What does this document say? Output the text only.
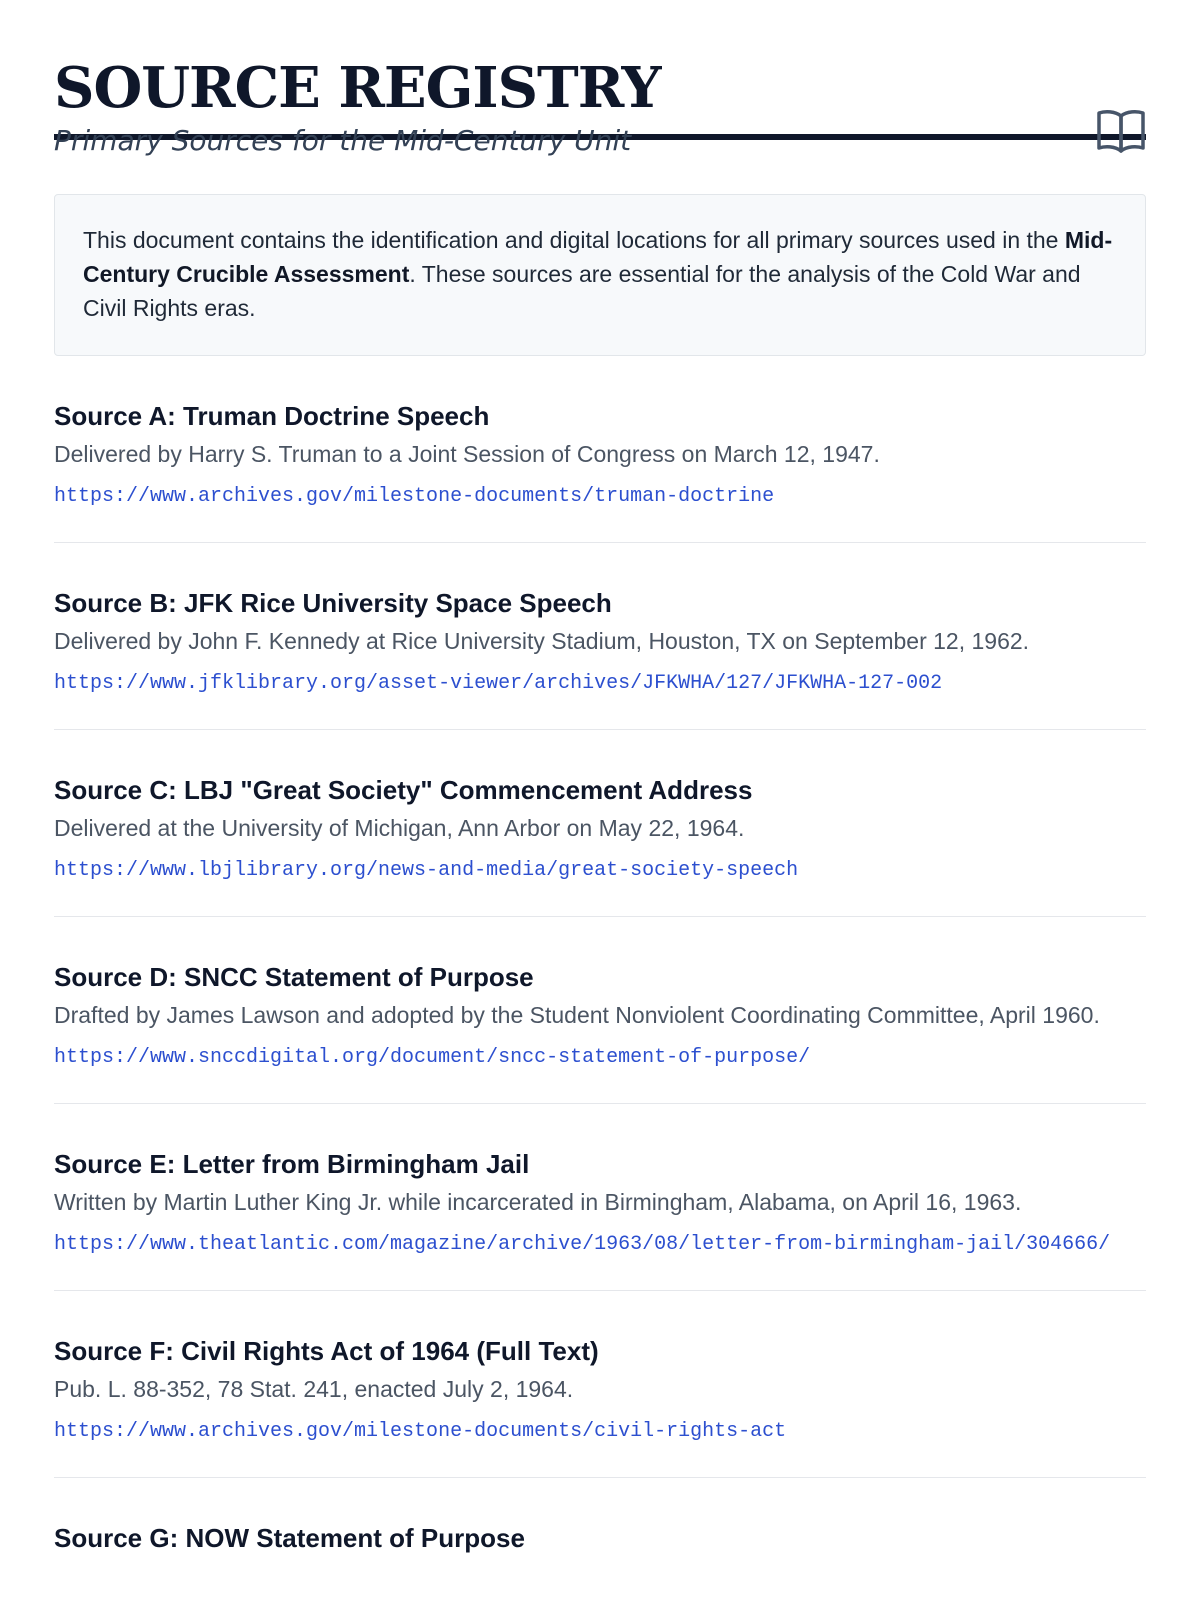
SOURCE REGISTRY

Primary Sources for the Mid-Century Unit

This document contains the identification and digital locations for all primary sources used in the Mid-Century Crucible Assessment. These sources are essential for the analysis of the Cold War and Civil Rights eras.
Source A: Truman Doctrine Speech

Delivered by Harry S. Truman to a Joint Session of Congress on March 12, 1947.

https://www.archives.gov/milestone-documents/truman-doctrine
Source B: JFK Rice University Space Speech

Delivered by John F. Kennedy at Rice University Stadium, Houston, TX on September 12, 1962.

https://www.jfklibrary.org/asset-viewer/archives/JFKWHA/127/JFKWHA-127-002
Source C: LBJ "Great Society" Commencement Address

Delivered at the University of Michigan, Ann Arbor on May 22, 1964.

https://www.lbjlibrary.org/news-and-media/great-society-speech
Source D: SNCC Statement of Purpose

Drafted by James Lawson and adopted by the Student Nonviolent Coordinating Committee, April 1960.

https://www.snccdigital.org/document/sncc-statement-of-purpose/
Source E: Letter from Birmingham Jail

Written by Martin Luther King Jr. while incarcerated in Birmingham, Alabama, on April 16, 1963.

https://www.theatlantic.com/magazine/archive/1963/08/letter-from-birmingham-jail/304666/
Source F: Civil Rights Act of 1964 (Full Text)

Pub. L. 88-352, 78 Stat. 241, enacted July 2, 1964.

https://www.archives.gov/milestone-documents/civil-rights-act
Source G: NOW Statement of Purpose
